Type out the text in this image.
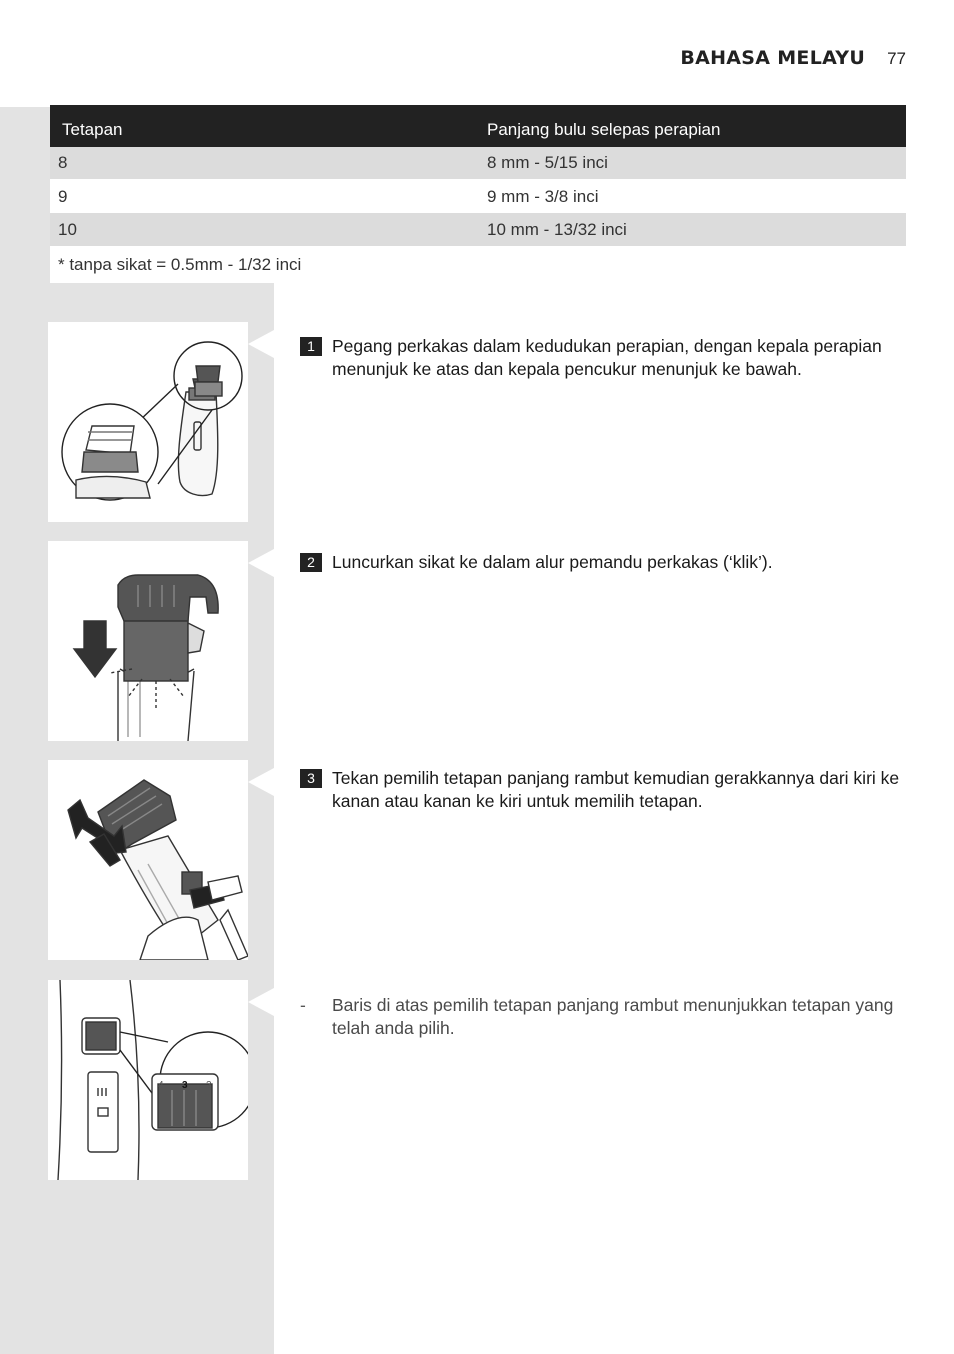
BAHASA MELAYU 77
Tetapan	Panjang bulu selepas perapian
8	8 mm - 5/15 inci
9	9 mm - 3/8 inci
10	10 mm - 13/32 inci
* tanpa sikat = 0.5mm - 1/32 inci
4 3 2
1 Pegang perkakas dalam kedudukan perapian, dengan kepala perapian menunjuk ke atas dan kepala pencukur menunjuk ke bawah.
2 Luncurkan sikat ke dalam alur pemandu perkakas (‘klik’).
3 Tekan pemilih tetapan panjang rambut kemudian gerakkannya dari kiri ke kanan atau kanan ke kiri untuk memilih tetapan.
-	Baris di atas pemilih tetapan panjang rambut menunjukkan tetapan yang telah anda pilih.
